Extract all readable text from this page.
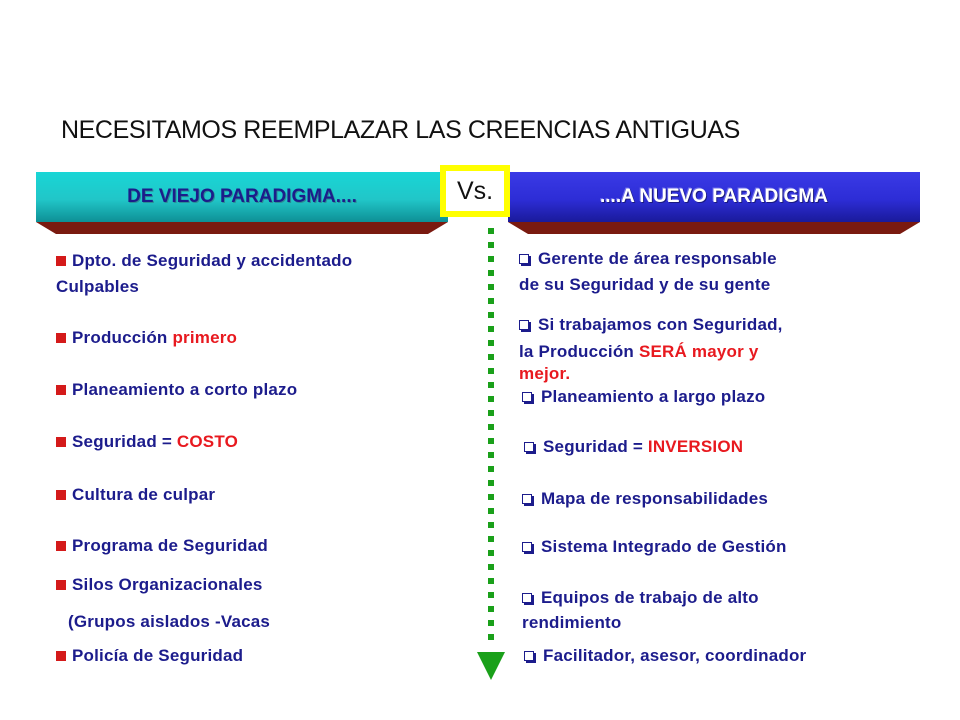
NECESITAMOS REEMPLAZAR LAS CREENCIAS ANTIGUAS
DE VIEJO PARADIGMA....	....A NUEVO PARADIGMA
Vs.
Dpto. de Seguridad y accidentado
Culpables
Producción primero
Planeamiento a corto plazo
Seguridad = COSTO
Cultura de culpar
Programa de Seguridad
Silos Organizacionales
(Grupos aislados -Vacas
Policía de Seguridad
Gerente de área responsable
de su Seguridad y de su gente
Si trabajamos con Seguridad,
la Producción SERÁ mayor y
mejor.
Planeamiento a largo plazo
Seguridad = INVERSION
Mapa de responsabilidades
Sistema Integrado de Gestión
Equipos de trabajo de alto
rendimiento
Facilitador, asesor, coordinador
